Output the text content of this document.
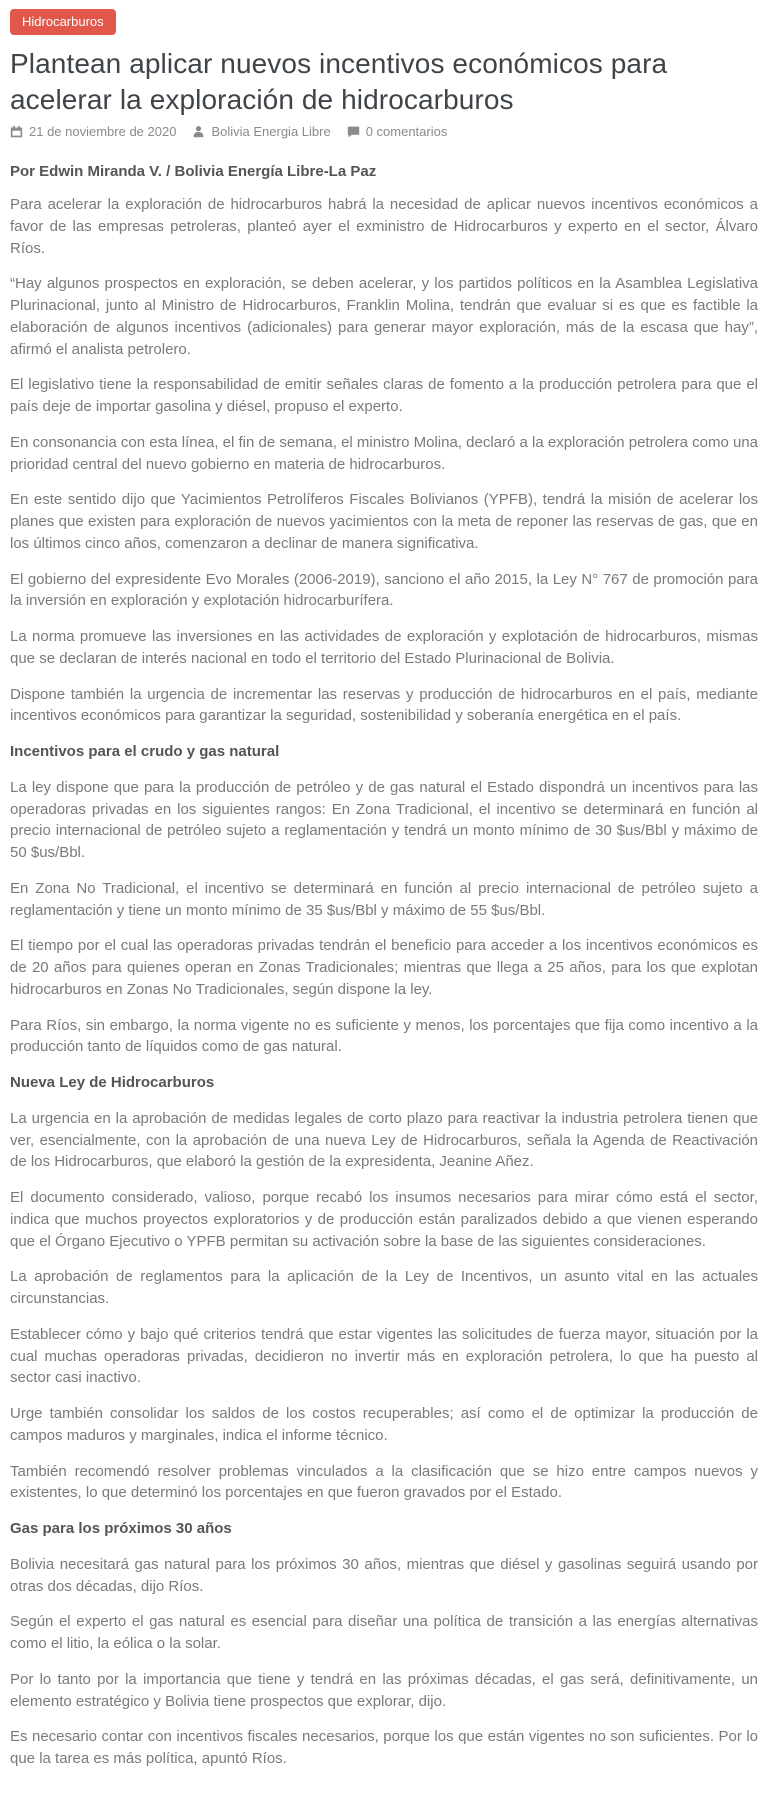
Hidrocarburos
Plantean aplicar nuevos incentivos económicos para acelerar la exploración de hidrocarburos
21 de noviembre de 2020	Bolivia Energia Libre	0 comentarios

Por Edwin Miranda V. / Bolivia Energía Libre-La Paz

Para acelerar la exploración de hidrocarburos habrá la necesidad de aplicar nuevos incentivos económicos a favor de las empresas petroleras, planteó ayer el exministro de Hidrocarburos y experto en el sector, Álvaro Ríos.

“Hay algunos prospectos en exploración, se deben acelerar, y los partidos políticos en la Asamblea Legislativa Plurinacional, junto al Ministro de Hidrocarburos, Franklin Molina, tendrán que evaluar si es que es factible la elaboración de algunos incentivos (adicionales) para generar mayor exploración, más de la escasa que hay”, afirmó el analista petrolero.

El legislativo tiene la responsabilidad de emitir señales claras de fomento a la producción petrolera para que el país deje de importar gasolina y diésel, propuso el experto.

En consonancia con esta línea, el fin de semana, el ministro Molina, declaró a la exploración petrolera como una prioridad central del nuevo gobierno en materia de hidrocarburos.

En este sentido dijo que Yacimientos Petrolíferos Fiscales Bolivianos (YPFB), tendrá la misión de acelerar los planes que existen para exploración de nuevos yacimientos con la meta de reponer las reservas de gas, que en los últimos cinco años, comenzaron a declinar de manera significativa.

El gobierno del expresidente Evo Morales (2006-2019), sanciono el año 2015, la Ley N° 767 de promoción para la inversión en exploración y explotación hidrocarburífera.

La norma promueve las inversiones en las actividades de exploración y explotación de hidrocarburos, mismas que se declaran de interés nacional en todo el territorio del Estado Plurinacional de Bolivia.

Dispone también la urgencia de incrementar las reservas y producción de hidrocarburos en el país, mediante incentivos económicos para garantizar la seguridad, sostenibilidad y soberanía energética en el país.

Incentivos para el crudo y gas natural

La ley dispone que para la producción de petróleo y de gas natural el Estado dispondrá un incentivos para las operadoras privadas en los siguientes rangos: En Zona Tradicional, el incentivo se determinará en función al precio internacional de petróleo sujeto a reglamentación y tendrá un monto mínimo de 30 $us/Bbl y máximo de 50 $us/Bbl.

En Zona No Tradicional, el incentivo se determinará en función al precio internacional de petróleo sujeto a reglamentación y tiene un monto mínimo de 35 $us/Bbl y máximo de 55 $us/Bbl.

El tiempo por el cual las operadoras privadas tendrán el beneficio para acceder a los incentivos económicos es de 20 años para quienes operan en Zonas Tradicionales; mientras que llega a 25 años, para los que explotan hidrocarburos en Zonas No Tradicionales, según dispone la ley.

Para Ríos, sin embargo, la norma vigente no es suficiente y menos, los porcentajes que fija como incentivo a la producción tanto de líquidos como de gas natural.

Nueva Ley de Hidrocarburos

La urgencia en la aprobación de medidas legales de corto plazo para reactivar la industria petrolera tienen que ver, esencialmente, con la aprobación de una nueva Ley de Hidrocarburos, señala la Agenda de Reactivación de los Hidrocarburos, que elaboró la gestión de la expresidenta, Jeanine Añez.

El documento considerado, valioso, porque recabó los insumos necesarios para mirar cómo está el sector, indica que muchos proyectos exploratorios y de producción están paralizados debido a que vienen esperando que el Órgano Ejecutivo o YPFB permitan su activación sobre la base de las siguientes consideraciones.

La aprobación de reglamentos para la aplicación de la Ley de Incentivos, un asunto vital en las actuales circunstancias.

Establecer cómo y bajo qué criterios tendrá que estar vigentes las solicitudes de fuerza mayor, situación por la cual muchas operadoras privadas, decidieron no invertir más en exploración petrolera, lo que ha puesto al sector casi inactivo.

Urge también consolidar los saldos de los costos recuperables; así como el de optimizar la producción de campos maduros y marginales, indica el informe técnico.

También recomendó resolver problemas vinculados a la clasificación que se hizo entre campos nuevos y existentes, lo que determinó los porcentajes en que fueron gravados por el Estado.

Gas para los próximos 30 años

Bolivia necesitará gas natural para los próximos 30 años, mientras que diésel y gasolinas seguirá usando por otras dos décadas, dijo Ríos.

Según el experto el gas natural es esencial para diseñar una política de transición a las energías alternativas como el litio, la eólica o la solar.

Por lo tanto por la importancia que tiene y tendrá en las próximas décadas, el gas será, definitivamente, un elemento estratégico y Bolivia tiene prospectos que explorar, dijo.

Es necesario contar con incentivos fiscales necesarios, porque los que están vigentes no son suficientes. Por lo que la tarea es más política, apuntó Ríos.
